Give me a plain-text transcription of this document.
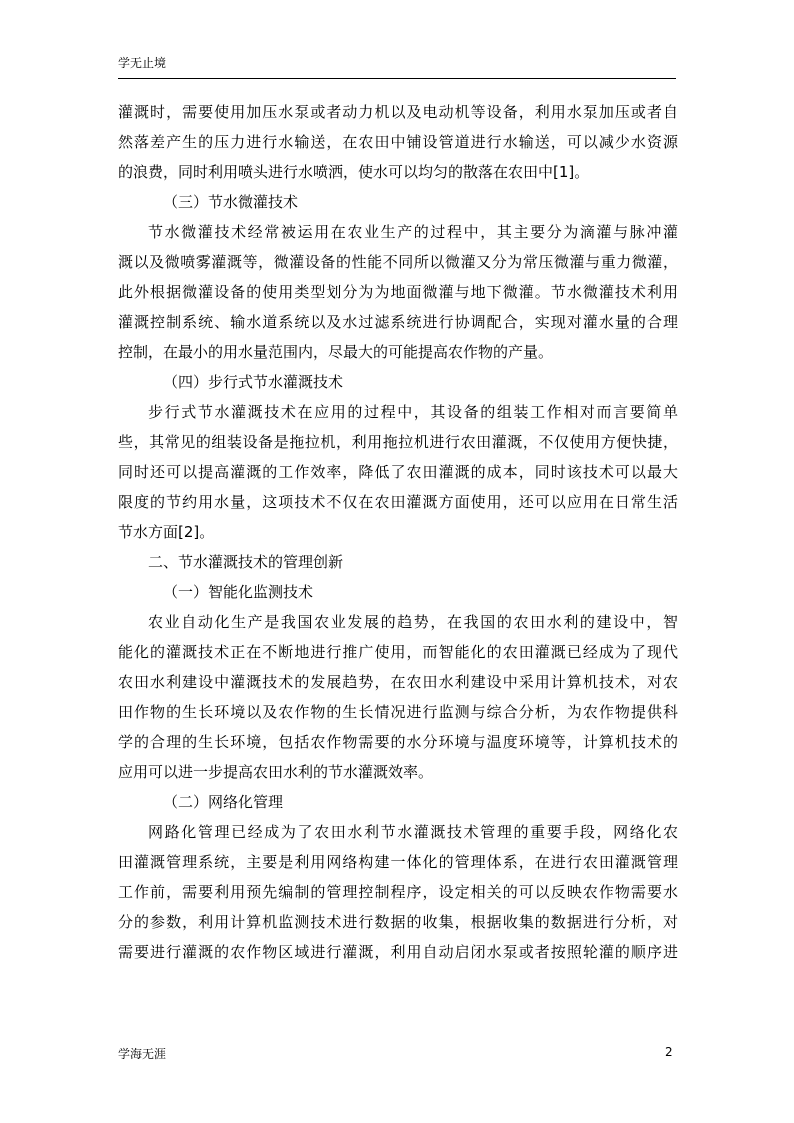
学无止境
灌溉时，需要使用加压水泵或者动力机以及电动机等设备，利用水泵加压或者自
然落差产生的压力进行水输送，在农田中铺设管道进行水输送，可以减少水资源
的浪费，同时利用喷头进行水喷洒，使水可以均匀的散落在农田中[1]。
（三）节水微灌技术
节水微灌技术经常被运用在农业生产的过程中，其主要分为滴灌与脉冲灌
溉以及微喷雾灌溉等，微灌设备的性能不同所以微灌又分为常压微灌与重力微灌，
此外根据微灌设备的使用类型划分为为地面微灌与地下微灌。节水微灌技术利用
灌溉控制系统、输水道系统以及水过滤系统进行协调配合，实现对灌水量的合理
控制，在最小的用水量范围内，尽最大的可能提高农作物的产量。
（四）步行式节水灌溉技术
步行式节水灌溉技术在应用的过程中，其设备的组装工作相对而言要简单
些，其常见的组装设备是拖拉机，利用拖拉机进行农田灌溉，不仅使用方便快捷，
同时还可以提高灌溉的工作效率，降低了农田灌溉的成本，同时该技术可以最大
限度的节约用水量，这项技术不仅在农田灌溉方面使用，还可以应用在日常生活
节水方面[2]。
二、节水灌溉技术的管理创新
（一）智能化监测技术
农业自动化生产是我国农业发展的趋势，在我国的农田水利的建设中，智
能化的灌溉技术正在不断地进行推广使用，而智能化的农田灌溉已经成为了现代
农田水利建设中灌溉技术的发展趋势，在农田水利建设中采用计算机技术，对农
田作物的生长环境以及农作物的生长情况进行监测与综合分析，为农作物提供科
学的合理的生长环境，包括农作物需要的水分环境与温度环境等，计算机技术的
应用可以进一步提高农田水利的节水灌溉效率。
（二）网络化管理
网路化管理已经成为了农田水利节水灌溉技术管理的重要手段，网络化农
田灌溉管理系统，主要是利用网络构建一体化的管理体系，在进行农田灌溉管理
工作前，需要利用预先编制的管理控制程序，设定相关的可以反映农作物需要水
分的参数，利用计算机监测技术进行数据的收集，根据收集的数据进行分析，对
需要进行灌溉的农作物区域进行灌溉，利用自动启闭水泵或者按照轮灌的顺序进
学海无涯	2
